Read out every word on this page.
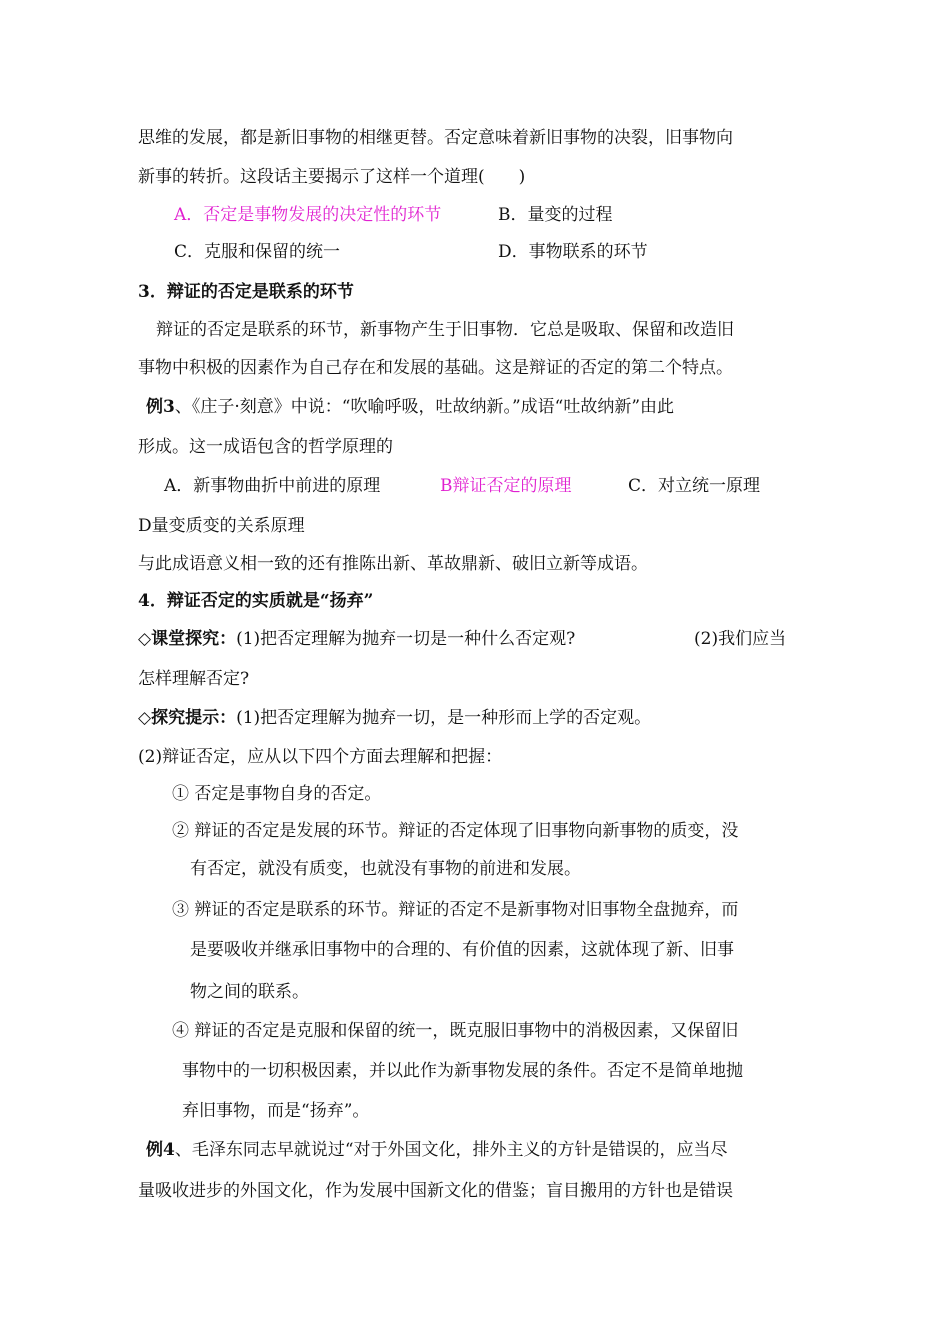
思维的发展，都是新旧事物的相继更替。否定意味着新旧事物的决裂，旧事物向
新事的转折。这段话主要揭示了这样一个道理(　　)
A．否定是事物发展的决定性的环节	B．量变的过程
C．克服和保留的统一	D．事物联系的环节
3．辩证的否定是联系的环节
辩证的否定是联系的环节，新事物产生于旧事物．它总是吸取、保留和改造旧
事物中积极的因素作为自己存在和发展的基础。这是辩证的否定的第二个特点。
例3、《庄子·刻意》中说：“吹喻呼吸，吐故纳新。”成语“吐故纳新”由此
形成。这一成语包含的哲学原理的
A．新事物曲折中前进的原理	B辩证否定的原理	C．对立统一原理
D量变质变的关系原理
与此成语意义相一致的还有推陈出新、革故鼎新、破旧立新等成语。
4．辩证否定的实质就是“扬弃”
◇课堂探究：(1)把否定理解为抛弃一切是一种什么否定观?	(2)我们应当
怎样理解否定?
◇探究提示：(1)把否定理解为抛弃一切，是一种形而上学的否定观。
(2)辩证否定，应从以下四个方面去理解和把握：
① 否定是事物自身的否定。
② 辩证的否定是发展的环节。辩证的否定体现了旧事物向新事物的质变，没
有否定，就没有质变，也就没有事物的前进和发展。
③ 辨证的否定是联系的环节。辩证的否定不是新事物对旧事物全盘抛弃，而
是要吸收并继承旧事物中的合理的、有价值的因素，这就体现了新、旧事
物之间的联系。
④ 辩证的否定是克服和保留的统一，既克服旧事物中的消极因素，又保留旧
事物中的一切积极因素，并以此作为新事物发展的条件。否定不是简单地抛
弃旧事物，而是“扬弃”。
例4、毛泽东同志早就说过“对于外国文化，排外主义的方针是错误的，应当尽
量吸收进步的外国文化，作为发展中国新文化的借鉴；盲目搬用的方针也是错误
